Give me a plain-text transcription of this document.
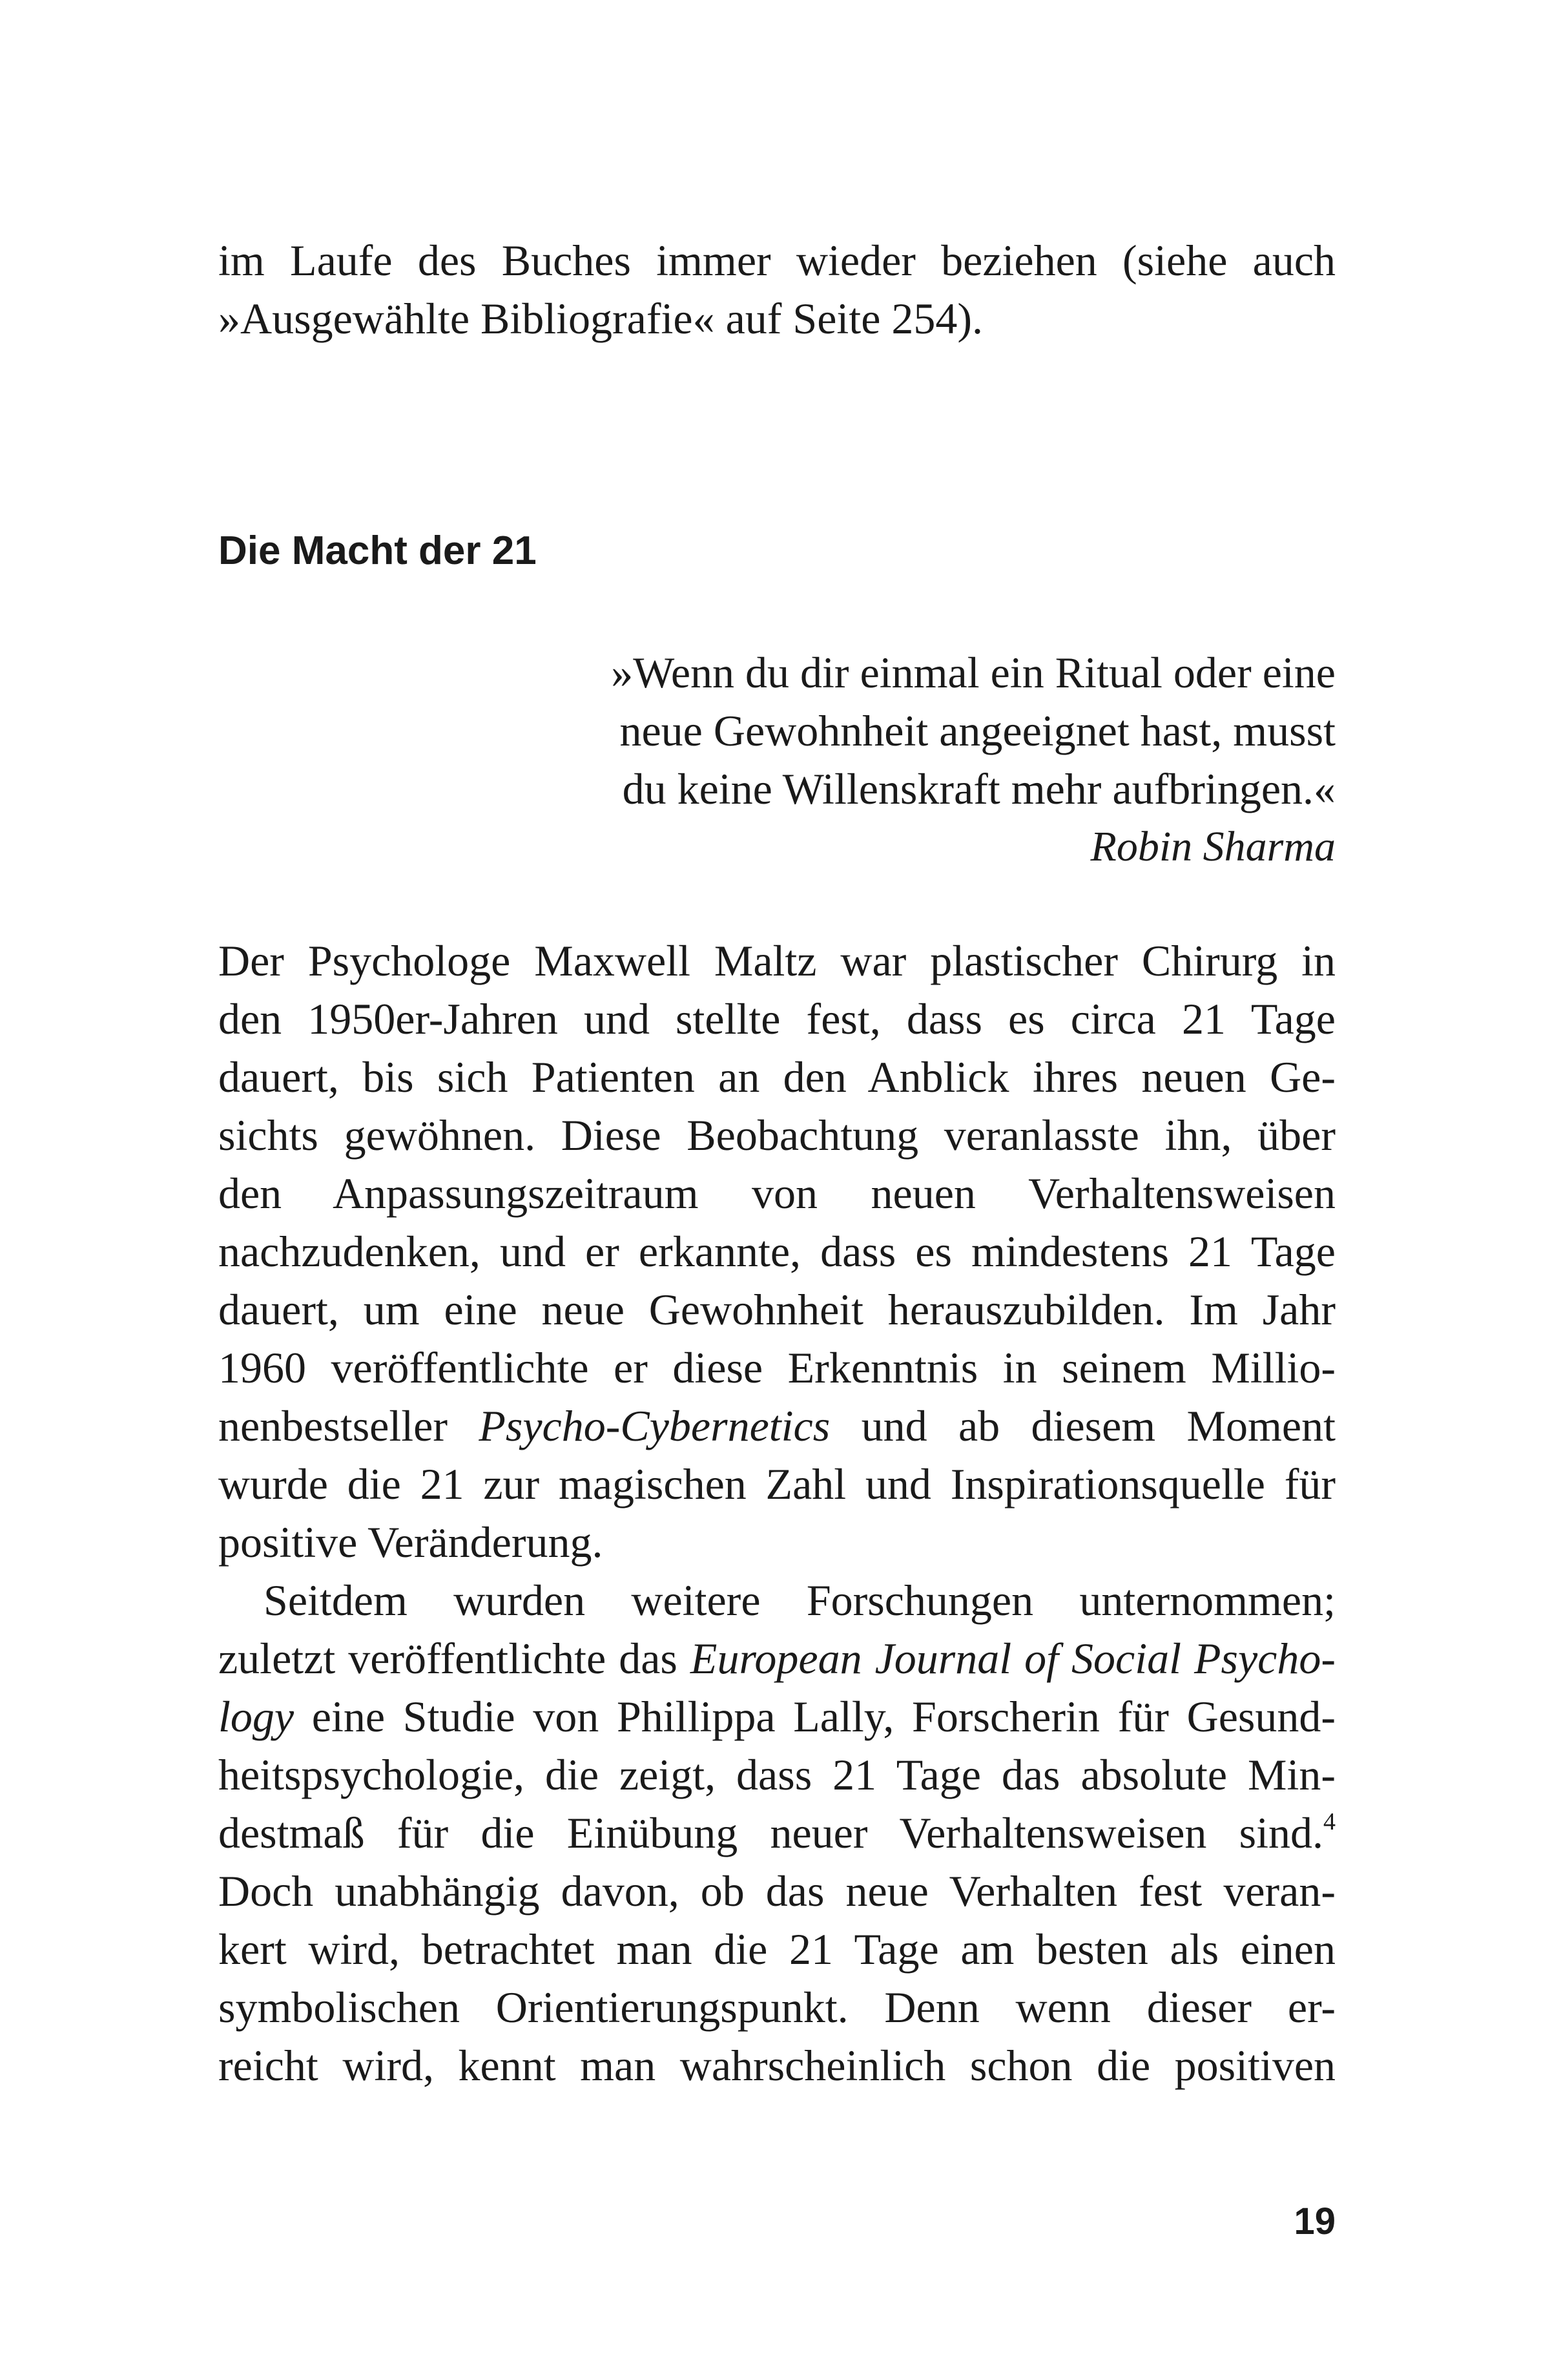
im Laufe des Buches immer wieder beziehen (siehe auch
»Ausgewählte Bibliografie« auf Seite 254).
Die Macht der 21
»Wenn du dir einmal ein Ritual oder eine
neue Gewohnheit angeeignet hast, musst
du keine Willenskraft mehr aufbringen.«
Robin Sharma
Der Psychologe Maxwell Maltz war plastischer Chirurg in
den 1950er-Jahren und stellte fest, dass es circa 21 Tage
dauert, bis sich Patienten an den Anblick ihres neuen Ge-
sichts gewöhnen. Diese Beobachtung veranlasste ihn, über
den Anpassungszeitraum von neuen Verhaltensweisen
nachzudenken, und er erkannte, dass es mindestens 21 Tage
dauert, um eine neue Gewohnheit herauszubilden. Im Jahr
1960 veröffentlichte er diese Erkenntnis in seinem Millio-
nenbestseller Psycho-Cybernetics und ab diesem Moment
wurde die 21 zur magischen Zahl und Inspirationsquelle für
positive Veränderung.
Seitdem wurden weitere Forschungen unternommen;
zuletzt veröffentlichte das European Journal of Social Psycho-
logy eine Studie von Phillippa Lally, Forscherin für Gesund-
heitspsychologie, die zeigt, dass 21 Tage das absolute Min-
destmaß für die Einübung neuer Verhaltensweisen sind.$^4$
Doch unabhängig davon, ob das neue Verhalten fest veran-
kert wird, betrachtet man die 21 Tage am besten als einen
symbolischen Orientierungspunkt. Denn wenn dieser er-
reicht wird, kennt man wahrscheinlich schon die positiven
19
